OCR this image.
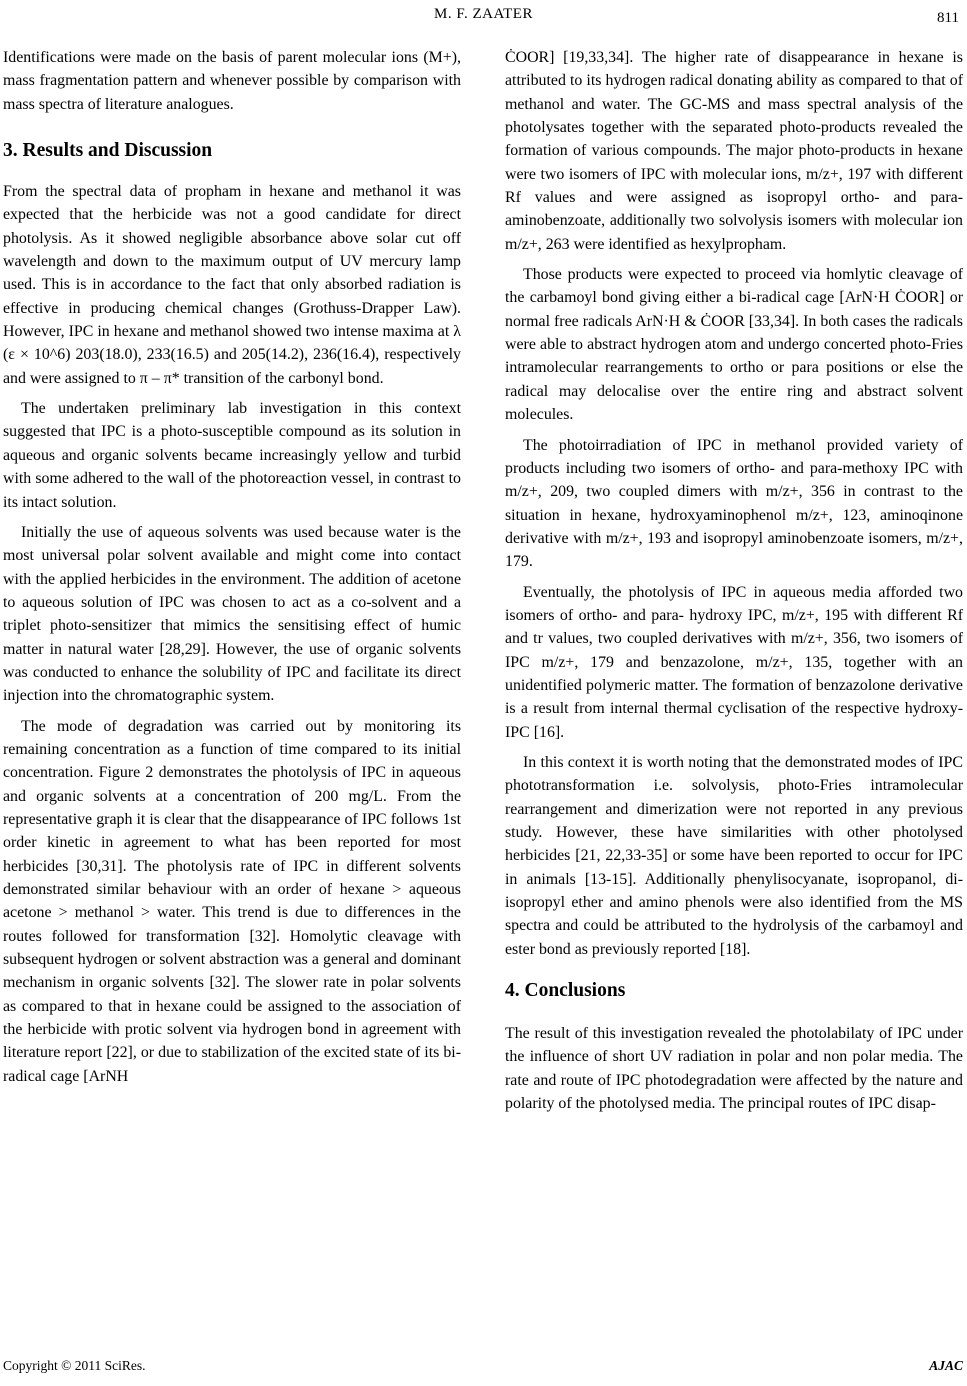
M. F. ZAATER	811

Identifications were made on the basis of parent molecular ions (M+), mass fragmentation pattern and whenever possible by comparison with mass spectra of literature analogues.

3. Results and Discussion

From the spectral data of propham in hexane and methanol it was expected that the herbicide was not a good candidate for direct photolysis. As it showed negligible absorbance above solar cut off wavelength and down to the maximum output of UV mercury lamp used. This is in accordance to the fact that only absorbed radiation is effective in producing chemical changes (Grothuss-Drapper Law). However, IPC in hexane and methanol showed two intense maxima at λ (ε × 10^6) 203(18.0), 233(16.5) and 205(14.2), 236(16.4), respectively and were assigned to π – π* transition of the carbonyl bond.

The undertaken preliminary lab investigation in this context suggested that IPC is a photo-susceptible compound as its solution in aqueous and organic solvents became increasingly yellow and turbid with some adhered to the wall of the photoreaction vessel, in contrast to its intact solution.

Initially the use of aqueous solvents was used because water is the most universal polar solvent available and might come into contact with the applied herbicides in the environment. The addition of acetone to aqueous solution of IPC was chosen to act as a co-solvent and a triplet photo-sensitizer that mimics the sensitising effect of humic matter in natural water [28,29]. However, the use of organic solvents was conducted to enhance the solubility of IPC and facilitate its direct injection into the chromatographic system.

The mode of degradation was carried out by monitoring its remaining concentration as a function of time compared to its initial concentration. Figure 2 demonstrates the photolysis of IPC in aqueous and organic solvents at a concentration of 200 mg/L. From the representative graph it is clear that the disappearance of IPC follows 1st order kinetic in agreement to what has been reported for most herbicides [30,31]. The photolysis rate of IPC in different solvents demonstrated similar behaviour with an order of hexane > aqueous acetone > methanol > water. This trend is due to differences in the routes followed for transformation [32]. Homolytic cleavage with subsequent hydrogen or solvent abstraction was a general and dominant mechanism in organic solvents [32]. The slower rate in polar solvents as compared to that in hexane could be assigned to the association of the herbicide with protic solvent via hydrogen bond in agreement with literature report [22], or due to stabilization of the excited state of its bi-radical cage [ArNH

ĊOOR] [19,33,34]. The higher rate of disappearance in hexane is attributed to its hydrogen radical donating ability as compared to that of methanol and water. The GC-MS and mass spectral analysis of the photolysates together with the separated photo-products revealed the formation of various compounds. The major photo-products in hexane were two isomers of IPC with molecular ions, m/z+, 197 with different Rf values and were assigned as isopropyl ortho- and para-aminobenzoate, additionally two solvolysis isomers with molecular ion m/z+, 263 were identified as hexylpropham.

Those products were expected to proceed via homlytic cleavage of the carbamoyl bond giving either a bi-radical cage [ArN·H ĊOOR] or normal free radicals ArN·H & ĊOOR [33,34]. In both cases the radicals were able to abstract hydrogen atom and undergo concerted photo-Fries intramolecular rearrangements to ortho or para positions or else the radical may delocalise over the entire ring and abstract solvent molecules.

The photoirradiation of IPC in methanol provided variety of products including two isomers of ortho- and para-methoxy IPC with m/z+, 209, two coupled dimers with m/z+, 356 in contrast to the situation in hexane, hydroxyaminophenol m/z+, 123, aminoqinone derivative with m/z+, 193 and isopropyl aminobenzoate isomers, m/z+, 179.

Eventually, the photolysis of IPC in aqueous media afforded two isomers of ortho- and para- hydroxy IPC, m/z+, 195 with different Rf and tr values, two coupled derivatives with m/z+, 356, two isomers of IPC m/z+, 179 and benzazolone, m/z+, 135, together with an unidentified polymeric matter. The formation of benzazolone derivative is a result from internal thermal cyclisation of the respective hydroxy-IPC [16].

In this context it is worth noting that the demonstrated modes of IPC phototransformation i.e. solvolysis, photo-Fries intramolecular rearrangement and dimerization were not reported in any previous study. However, these have similarities with other photolysed herbicides [21, 22,33-35] or some have been reported to occur for IPC in animals [13-15]. Additionally phenylisocyanate, isopropanol, di-isopropyl ether and amino phenols were also identified from the MS spectra and could be attributed to the hydrolysis of the carbamoyl and ester bond as previously reported [18].

4. Conclusions

The result of this investigation revealed the photolabilaty of IPC under the influence of short UV radiation in polar and non polar media. The rate and route of IPC photodegradation were affected by the nature and polarity of the photolysed media. The principal routes of IPC disap-

Copyright © 2011 SciRes.	AJAC
